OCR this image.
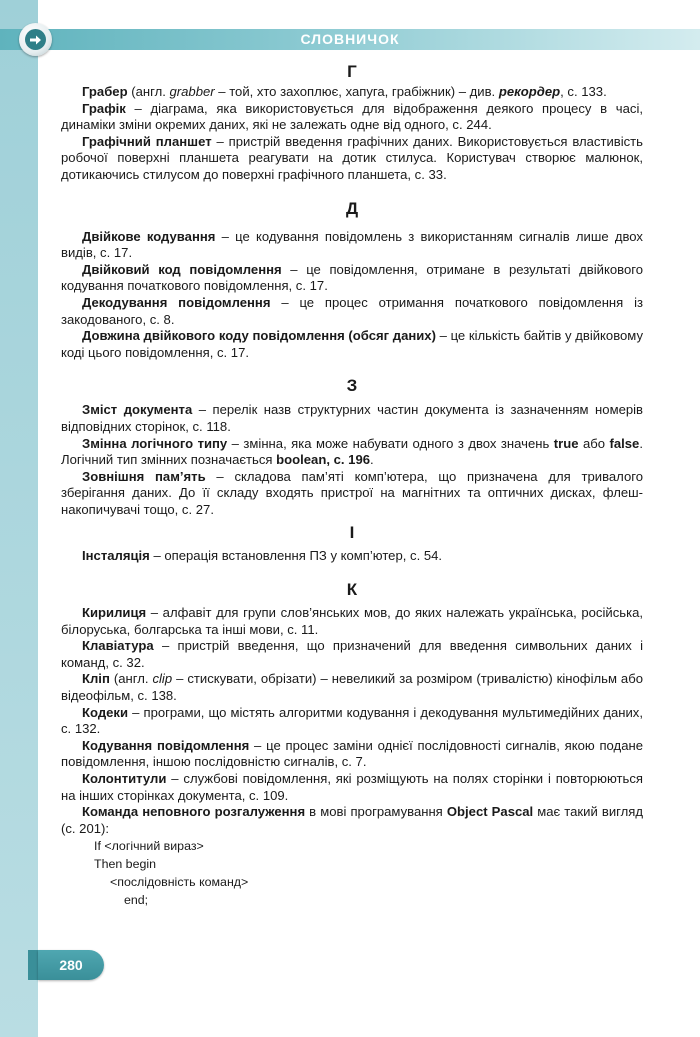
СЛОВНИЧОК
Г

Грабер (англ. grabber – той, хто захоплює, хапуга, грабіжник) – див. рекордер, с. 133.

Графік – діаграма, яка використовується для відображення деякого процесу в часі, динаміки зміни окремих даних, які не залежать одне від одного, с. 244.

Графічний планшет – пристрій введення графічних даних. Використовується властивість робочої поверхні планшета реагувати на дотик стилуса. Користувач створює малюнок, дотикаючись стилусом до поверхні графічного планшета, с. 33.

Д

Двійкове кодування – це кодування повідомлень з використанням сигналів лише двох видів, с. 17.

Двійковий код повідомлення – це повідомлення, отримане в результаті двійкового кодування початкового повідомлення, с. 17.

Декодування повідомлення – це процес отримання початкового повідомлення із закодованого, с. 8.

Довжина двійкового коду повідомлення (обсяг даних) – це кількість байтів у двійковому коді цього повідомлення, с. 17.

З

Зміст документа – перелік назв структурних частин документа із зазначенням номерів відповідних сторінок, с. 118.

Змінна логічного типу – змінна, яка може набувати одного з двох значень true або false. Логічний тип змінних позначається boolean, с. 196.

Зовнішня пам’ять – складова пам’яті комп’ютера, що призначена для тривалого зберігання даних. До її складу входять пристрої на магнітних та оптичних дисках, флеш-накопичувачі тощо, с. 27.

І

Інсталяція – операція встановлення ПЗ у комп’ютер, с. 54.

К

Кирилиця – алфавіт для групи слов’янських мов, до яких належать українська, російська, білоруська, болгарська та інші мови, с. 11.

Клавіатура – пристрій введення, що призначений для введення символьних даних і команд, с. 32.

Кліп (англ. clip – стискувати, обрізати) – невеликий за розміром (тривалістю) кінофільм або відеофільм, с. 138.

Кодеки – програми, що містять алгоритми кодування і декодування мультимедійних даних, с. 132.

Кодування повідомлення – це процес заміни однієї послідовності сигналів, якою подане повідомлення, іншою послідовністю сигналів, с. 7.

Колонтитули – службові повідомлення, які розміщують на полях сторінки і повторюються на інших сторінках документа, с. 109.

Команда неповного розгалуження в мові програмування Object Pascal має такий вигляд (с. 201):

If <логічний вираз>
Then begin
<послідовність команд>
end;
280
